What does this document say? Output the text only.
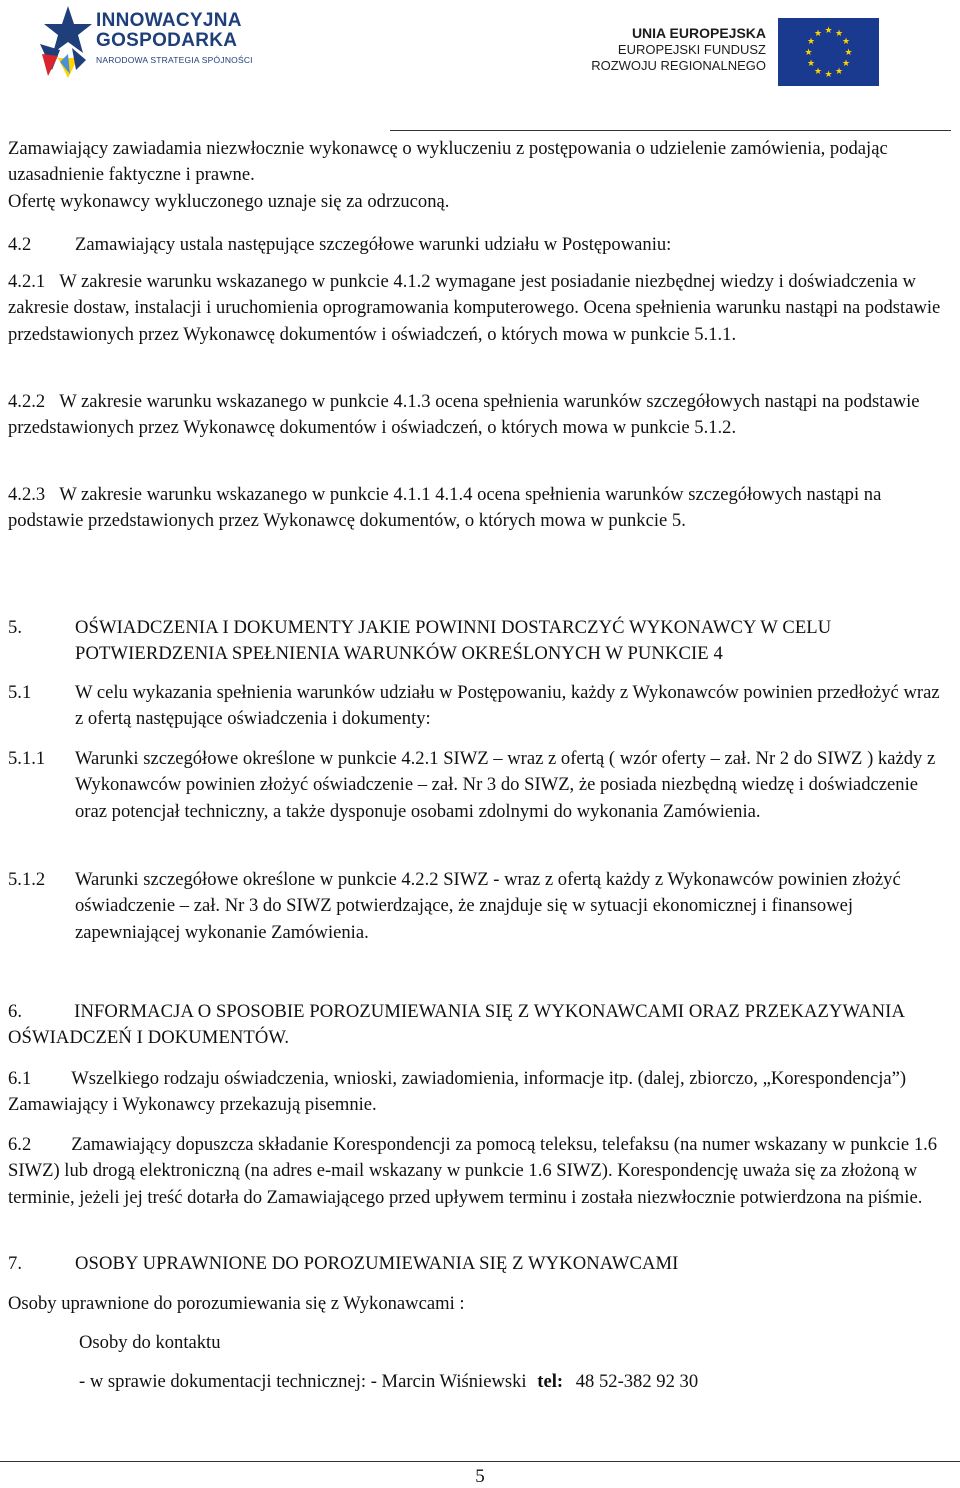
INNOWACYJNA
GOSPODARKA
NARODOWA STRATEGIA SPÓJNOŚCI
UNIA EUROPEJSKA
EUROPEJSKI FUNDUSZ
ROZWOJU REGIONALNEGO
★ ★
★
★
★
★
★
★
★
★
★
★

Zamawiający zawiadamia niezwłocznie wykonawcę o wykluczeniu z postępowania o udzielenie zamówienia, podając uzasadnienie faktyczne i prawne.

Ofertę wykonawcy wykluczonego uznaje się za odrzuconą.

4.2 Zamawiający ustala następujące szczegółowe warunki udziału w Postępowaniu:

4.2.1 W zakresie warunku wskazanego w punkcie 4.1.2 wymagane jest posiadanie niezbędnej wiedzy i doświadczenia w zakresie dostaw, instalacji i uruchomienia oprogramowania komputerowego. Ocena spełnienia warunku nastąpi na podstawie przedstawionych przez Wykonawcę dokumentów i oświadczeń, o których mowa w punkcie 5.1.1.

4.2.2 W zakresie warunku wskazanego w punkcie 4.1.3 ocena spełnienia warunków szczegółowych nastąpi na podstawie przedstawionych przez Wykonawcę dokumentów i oświadczeń, o których mowa w punkcie 5.1.2.

4.2.3 W zakresie warunku wskazanego w punkcie 4.1.1 4.1.4 ocena spełnienia warunków szczegółowych nastąpi na podstawie przedstawionych przez Wykonawcę dokumentów, o których mowa w punkcie 5.

5.	OŚWIADCZENIA I DOKUMENTY JAKIE POWINNI DOSTARCZYĆ WYKONAWCY W CELU POTWIERDZENIA SPEŁNIENIA WARUNKÓW OKREŚLONYCH W PUNKCIE 4

5.1 W celu wykazania spełnienia warunków udziału w Postępowaniu, każdy z Wykonawców powinien przedłożyć wraz z ofertą następujące oświadczenia i dokumenty:

5.1.1 Warunki szczegółowe określone w punkcie 4.2.1 SIWZ – wraz z ofertą ( wzór oferty – zał. Nr 2 do SIWZ ) każdy z Wykonawców powinien złożyć oświadczenie – zał. Nr 3 do SIWZ, że posiada niezbędną wiedzę i doświadczenie oraz potencjał techniczny, a także dysponuje osobami zdolnymi do wykonania Zamówienia.

5.1.2 Warunki szczegółowe określone w punkcie 4.2.2 SIWZ - wraz z ofertą każdy z Wykonawców powinien złożyć oświadczenie – zał. Nr 3 do SIWZ potwierdzające, że znajduje się w sytuacji ekonomicznej i finansowej zapewniającej wykonanie Zamówienia.

6.	INFORMACJA O SPOSOBIE POROZUMIEWANIA SIĘ Z WYKONAWCAMI ORAZ PRZEKAZYWANIA OŚWIADCZEŃ I DOKUMENTÓW.

6.1 Wszelkiego rodzaju oświadczenia, wnioski, zawiadomienia, informacje itp. (dalej, zbiorczo, „Korespondencja”) Zamawiający i Wykonawcy przekazują pisemnie.

6.2 Zamawiający dopuszcza składanie Korespondencji za pomocą teleksu, telefaksu (na numer wskazany w punkcie 1.6 SIWZ) lub drogą elektroniczną (na adres e-mail wskazany w punkcie 1.6 SIWZ). Korespondencję uważa się za złożoną w terminie, jeżeli jej treść dotarła do Zamawiającego przed upływem terminu i została niezwłocznie potwierdzona na piśmie.

7.	OSOBY UPRAWNIONE DO POROZUMIEWANIA SIĘ Z WYKONAWCAMI

Osoby uprawnione do porozumiewania się z Wykonawcami :

Osoby do kontaktu
- w sprawie dokumentacji technicznej: - Marcin Wiśniewski tel: 48 52-382 92 30
5
